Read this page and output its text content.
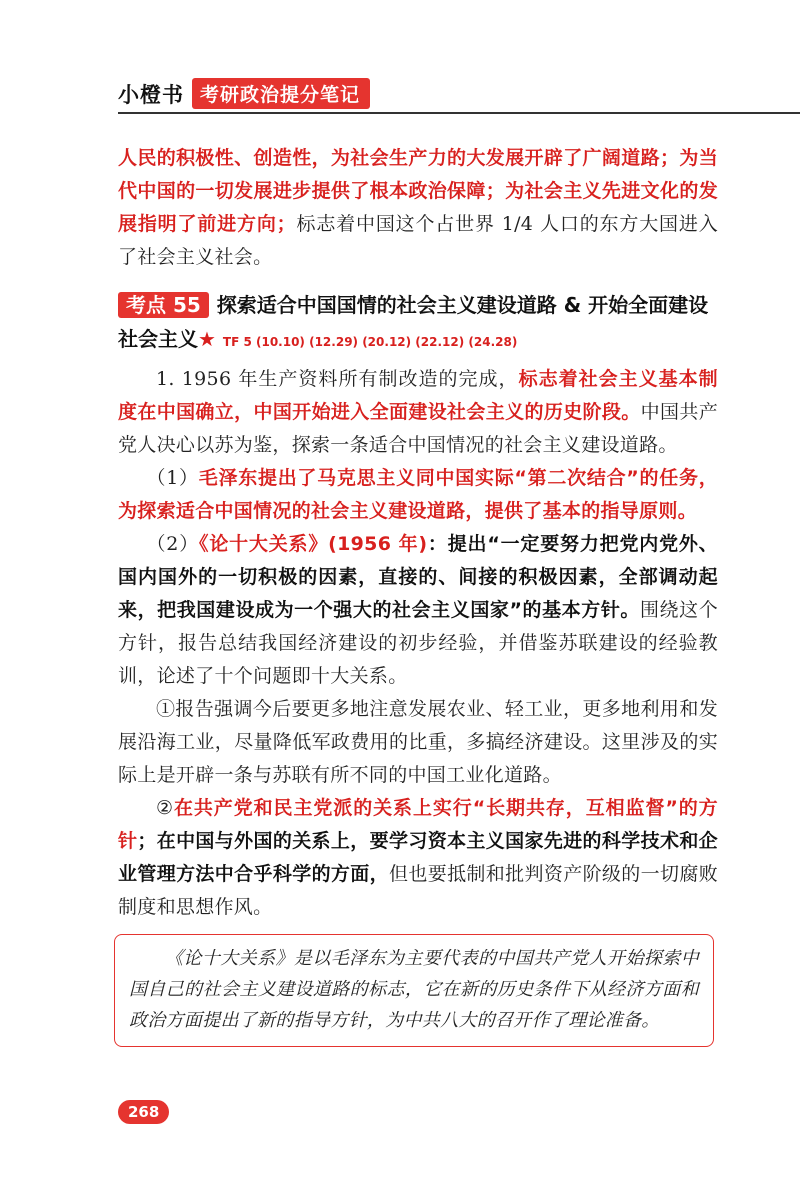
小橙书 考研政治提分笔记

人民的积极性、创造性，为社会生产力的大发展开辟了广阔道路；为当代中国的一切发展进步提供了根本政治保障；为社会主义先进文化的发展指明了前进方向；标志着中国这个占世界 1/4 人口的东方大国进入了社会主义社会。

考点 55 探索适合中国国情的社会主义建设道路 & 开始全面建设社会主义★ TF 5 (10.10) (12.29) (20.12) (22.12) (24.28)

1. 1956 年生产资料所有制改造的完成，标志着社会主义基本制度在中国确立，中国开始进入全面建设社会主义的历史阶段。中国共产党人决心以苏为鉴，探索一条适合中国情况的社会主义建设道路。

（1）毛泽东提出了马克思主义同中国实际“第二次结合”的任务，为探索适合中国情况的社会主义建设道路，提供了基本的指导原则。

（2）《论十大关系》(1956 年)：提出“一定要努力把党内党外、国内国外的一切积极的因素，直接的、间接的积极因素，全部调动起来，把我国建设成为一个强大的社会主义国家”的基本方针。围绕这个方针，报告总结我国经济建设的初步经验，并借鉴苏联建设的经验教训，论述了十个问题即十大关系。

①报告强调今后要更多地注意发展农业、轻工业，更多地利用和发展沿海工业，尽量降低军政费用的比重，多搞经济建设。这里涉及的实际上是开辟一条与苏联有所不同的中国工业化道路。

②在共产党和民主党派的关系上实行“长期共存，互相监督”的方针；在中国与外国的关系上，要学习资本主义国家先进的科学技术和企业管理方法中合乎科学的方面，但也要抵制和批判资产阶级的一切腐败制度和思想作风。

《论十大关系》是以毛泽东为主要代表的中国共产党人开始探索中国自己的社会主义建设道路的标志，它在新的历史条件下从经济方面和政治方面提出了新的指导方针，为中共八大的召开作了理论准备。

268
